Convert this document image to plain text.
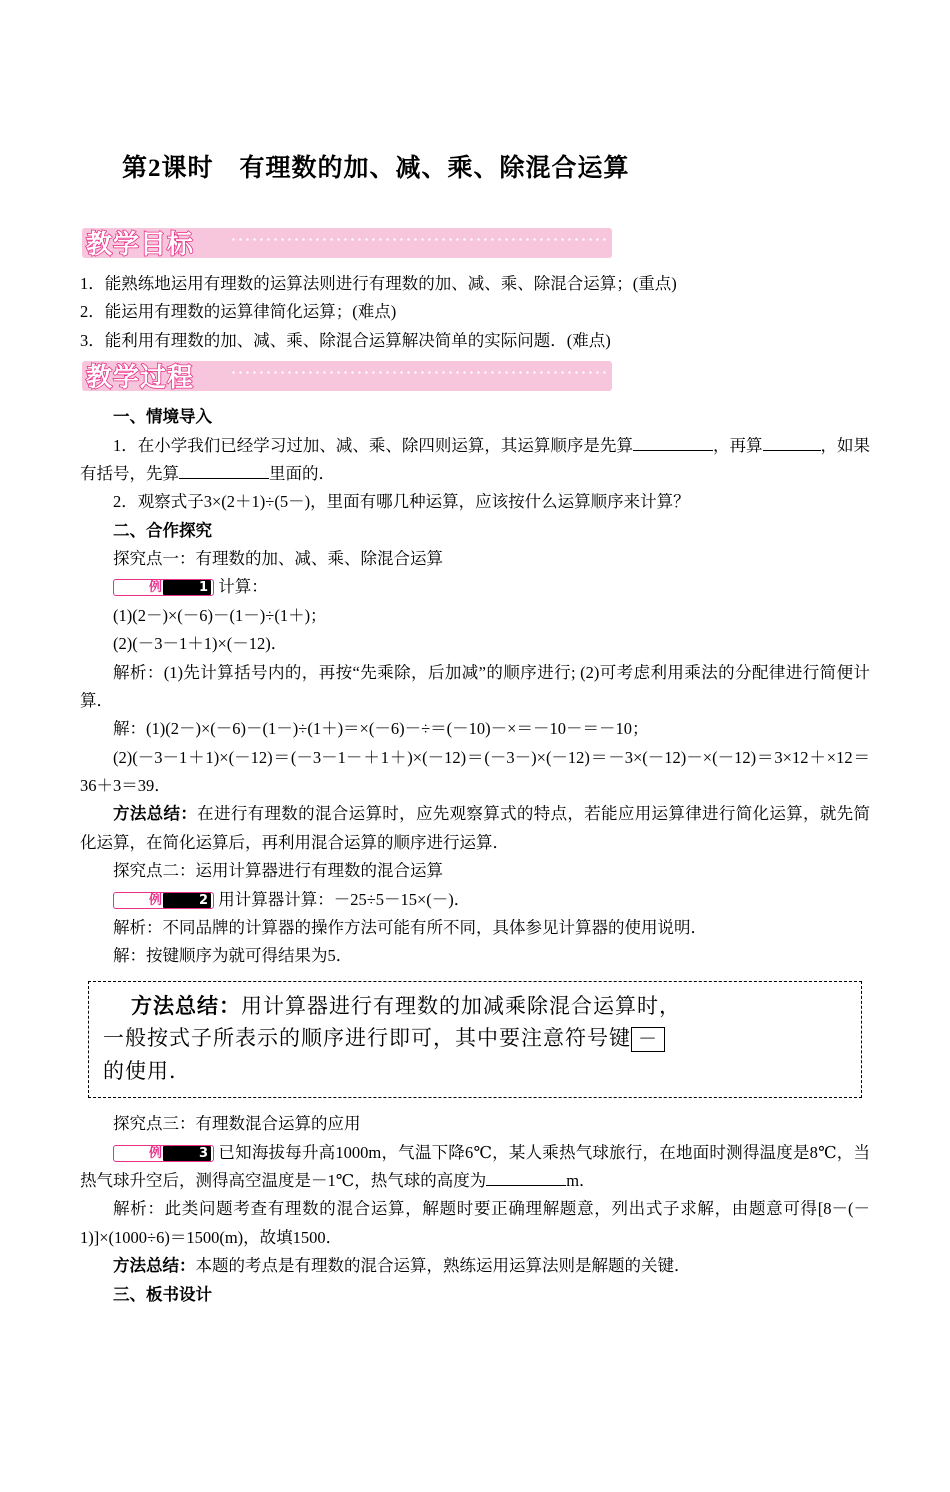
第2课时　有理数的加、减、乘、除混合运算
教学目标

1．能熟练地运用有理数的运算法则进行有理数的加、减、乘、除混合运算；(重点)

2．能运用有理数的运算律简化运算；(难点)

3．能利用有理数的加、减、乘、除混合运算解决简单的实际问题．(难点)

教学过程

一、情境导入

1．在小学我们已经学习过加、减、乘、除四则运算，其运算顺序是先算	，再算	，如果有括号，先算	里面的．

2．观察式子3×(2＋1)÷(5－)，里面有哪几种运算，应该按什么运算顺序来计算？

二、合作探究

探究点一：有理数的加、减、乘、除混合运算

例	1 计算：

(1)(2－)×(－6)－(1－)÷(1＋)；

(2)(－3－1＋1)×(－12)．

解析：(1)先计算括号内的，再按“先乘除，后加减”的顺序进行; (2)可考虑利用乘法的分配律进行简便计算．

解：(1)(2－)×(－6)－(1－)÷(1＋)＝×(－6)－÷＝(－10)－×＝－10－＝－10；

(2)(－3－1＋1)×(－12)＝(－3－1－＋1＋)×(－12)＝(－3－)×(－12)＝－3×(－12)－×(－12)＝3×12＋×12＝36＋3＝39．

方法总结：在进行有理数的混合运算时，应先观察算式的特点，若能应用运算律进行简化运算，就先简化运算，在简化运算后，再利用混合运算的顺序进行运算．

探究点二：运用计算器进行有理数的混合运算

例	2 用计算器计算：－25÷5－15×(－)．

解析：不同品牌的计算器的操作方法可能有所不同，具体参见计算器的使用说明．

解：按键顺序为就可得结果为5．

方法总结：用计算器进行有理数的加减乘除混合运算时，
一般按式子所表示的顺序进行即可，其中要注意符号键 －
的使用．

探究点三：有理数混合运算的应用

例	3 已知海拔每升高1000m，气温下降6℃，某人乘热气球旅行，在地面时测得温度是8℃，当热气球升空后，测得高空温度是－1℃，热气球的高度为	m．

解析：此类问题考查有理数的混合运算，解题时要正确理解题意，列出式子求解，由题意可得[8－(－1)]×(1000÷6)＝1500(m)，故填1500．

方法总结：本题的考点是有理数的混合运算，熟练运用运算法则是解题的关键．

三、板书设计
